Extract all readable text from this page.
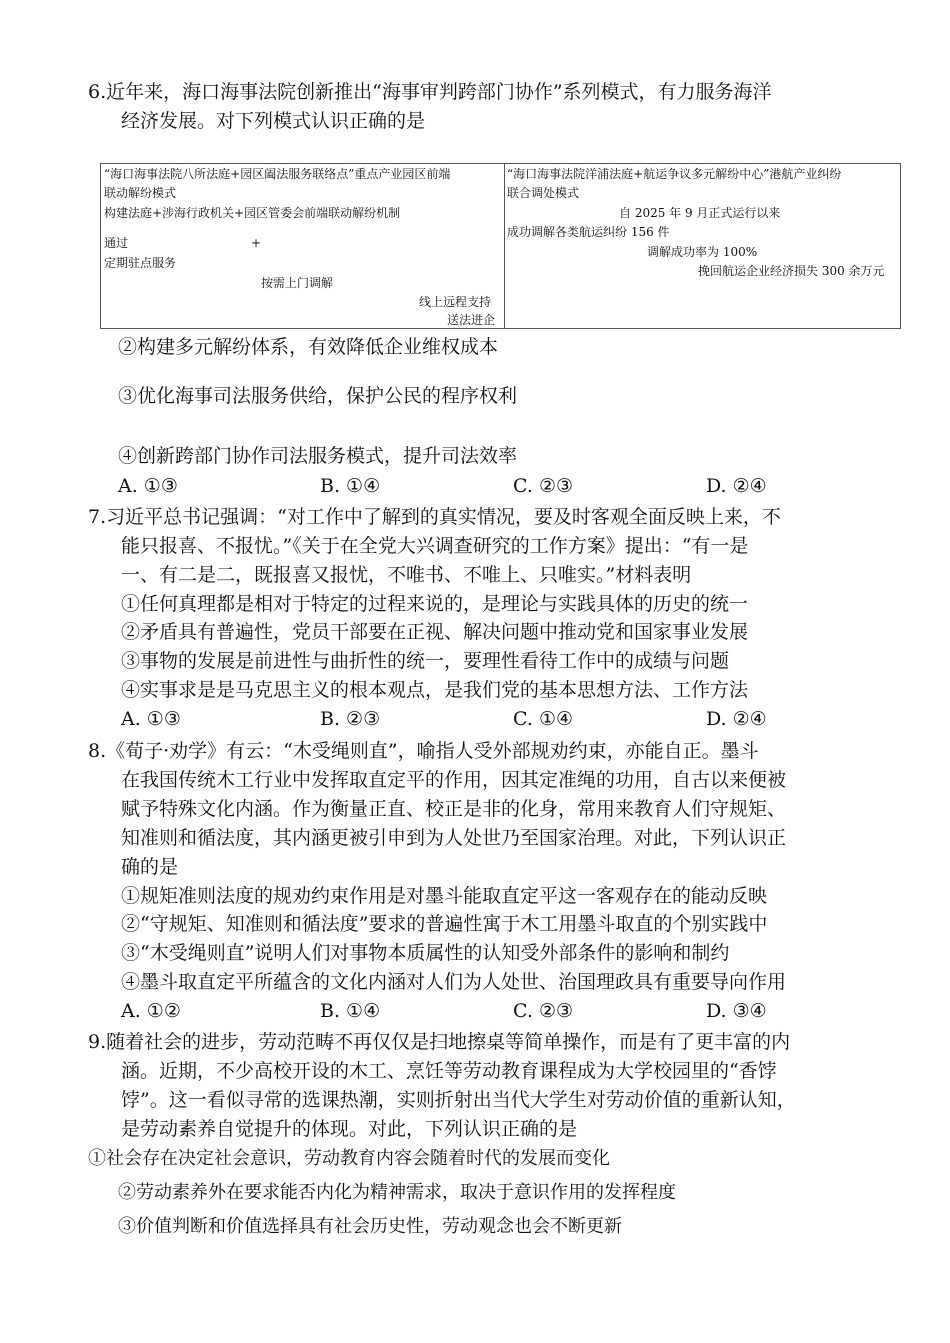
6.近年来，海口海事法院创新推出“海事审判跨部门协作”系列模式，有力服务海洋
经济发展。对下列模式认识正确的是
“海口海事法院八所法庭+园区阖法服务联络点”重点产业园区前端
联动解纷模式
构建法庭+涉海行政机关+园区管委会前端联动解纷机制
通过	+
定期驻点服务
按需上门调解
线上远程支持
送法进企
“海口海事法院洋浦法庭+航运争议多元解纷中心”港航产业纠纷
联合调处模式
自 2025 年 9 月正式运行以来
成功调解各类航运纠纷 156 件
调解成功率为 100%
挽回航运企业经济损失 300 余万元
②构建多元解纷体系，有效降低企业维权成本
③优化海事司法服务供给，保护公民的程序权利
④创新跨部门协作司法服务模式，提升司法效率
A. ①③	B. ①④	C. ②③	D. ②④
7.习近平总书记强调：“对工作中了解到的真实情况，要及时客观全面反映上来，不
能只报喜、不报忧。”《关于在全党大兴调查研究的工作方案》提出：“有一是
一、有二是二，既报喜又报忧，不唯书、不唯上、只唯实。”材料表明
①任何真理都是相对于特定的过程来说的，是理论与实践具体的历史的统一
②矛盾具有普遍性，党员干部要在正视、解决问题中推动党和国家事业发展
③事物的发展是前进性与曲折性的统一，要理性看待工作中的成绩与问题
④实事求是是马克思主义的根本观点，是我们党的基本思想方法、工作方法
A. ①③	B. ②③	C. ①④	D. ②④
8.《荀子·劝学》有云：“木受绳则直”，喻指人受外部规劝约束，亦能自正。墨斗
在我国传统木工行业中发挥取直定平的作用，因其定准绳的功用，自古以来便被
赋予特殊文化内涵。作为衡量正直、校正是非的化身，常用来教育人们守规矩、
知准则和循法度，其内涵更被引申到为人处世乃至国家治理。对此，下列认识正
确的是
①规矩准则法度的规劝约束作用是对墨斗能取直定平这一客观存在的能动反映
②“守规矩、知准则和循法度”要求的普遍性寓于木工用墨斗取直的个别实践中
③“木受绳则直”说明人们对事物本质属性的认知受外部条件的影响和制约
④墨斗取直定平所蕴含的文化内涵对人们为人处世、治国理政具有重要导向作用
A. ①②	B. ①④	C. ②③	D. ③④
9.随着社会的进步，劳动范畴不再仅仅是扫地擦桌等简单操作，而是有了更丰富的内
涵。近期，不少高校开设的木工、烹饪等劳动教育课程成为大学校园里的“香饽
饽”。这一看似寻常的选课热潮，实则折射出当代大学生对劳动价值的重新认知，
是劳动素养自觉提升的体现。对此，下列认识正确的是
①社会存在决定社会意识，劳动教育内容会随着时代的发展而变化
②劳动素养外在要求能否内化为精神需求，取决于意识作用的发挥程度
③价值判断和价值选择具有社会历史性，劳动观念也会不断更新
